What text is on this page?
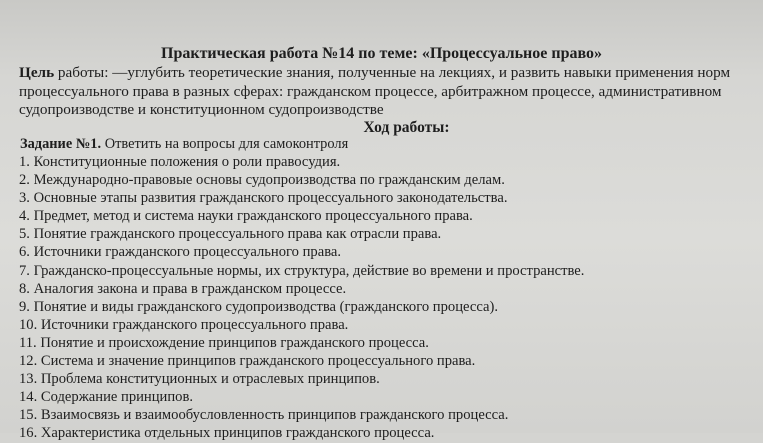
Практическая работа №14 по теме: «Процессуальное право»
Цель работы: —углубить теоретические знания, полученные на лекциях, и развить навыки применения норм
процессуального права в разных сферах: гражданском процессе, арбитражном процессе, административном
судопроизводстве и конституционном судопроизводстве
Ход работы:
Задание №1. Ответить на вопросы для самоконтроля
1. Конституционные положения о роли правосудия.
2. Международно-правовые основы судопроизводства по гражданским делам.
3. Основные этапы развития гражданского процессуального законодательства.
4. Предмет, метод и система науки гражданского процессуального права.
5. Понятие гражданского процессуального права как отрасли права.
6. Источники гражданского процессуального права.
7. Гражданско-процессуальные нормы, их структура, действие во времени и пространстве.
8. Аналогия закона и права в гражданском процессе.
9. Понятие и виды гражданского судопроизводства (гражданского процесса).
10. Источники гражданского процессуального права.
11. Понятие и происхождение принципов гражданского процесса.
12. Система и значение принципов гражданского процессуального права.
13. Проблема конституционных и отраслевых принципов.
14. Содержание принципов.
15. Взаимосвязь и взаимообусловленность принципов гражданского процесса.
16. Характеристика отдельных принципов гражданского процесса.
